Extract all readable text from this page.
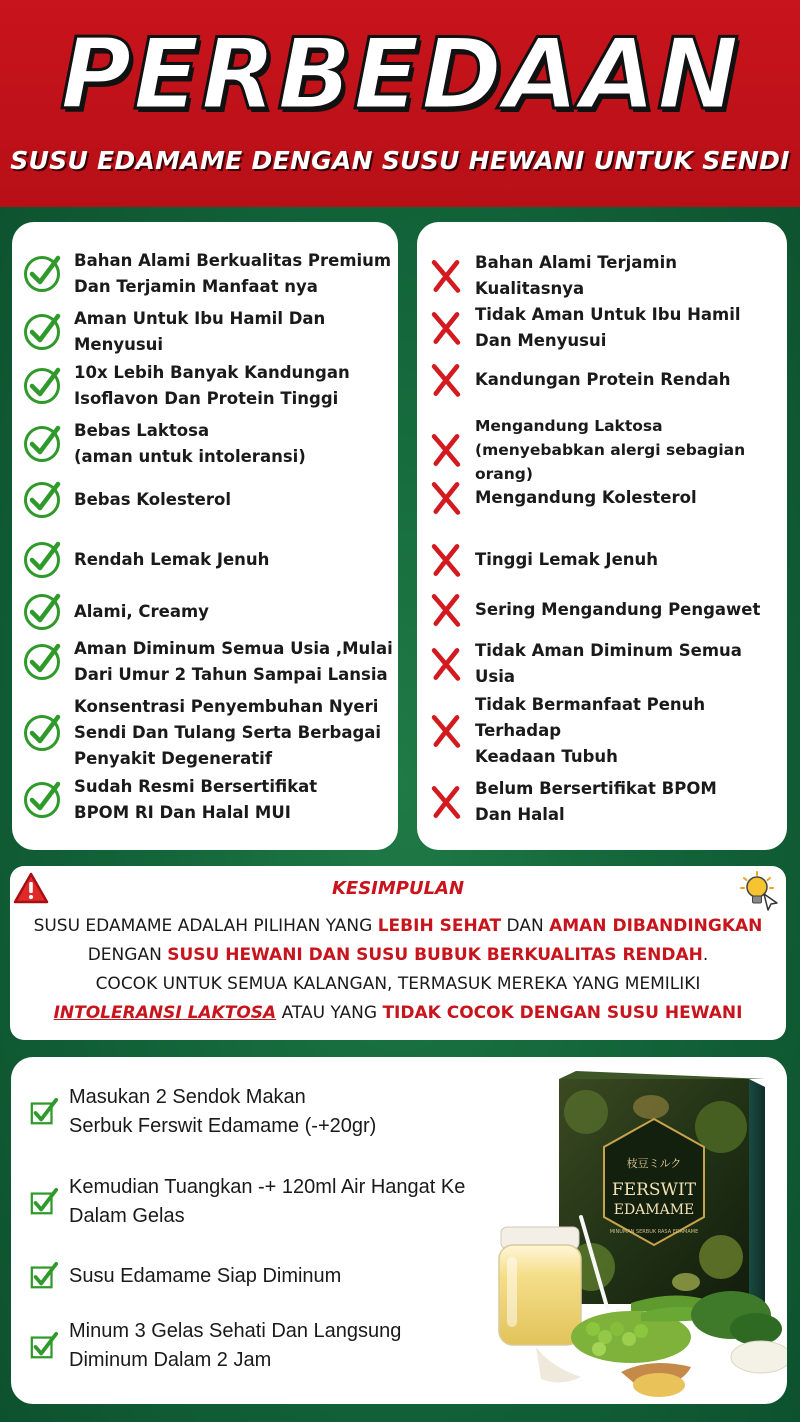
PERBEDAAN
SUSU EDAMAME DENGAN SUSU HEWANI UNTUK SENDI
Bahan Alami Berkualitas Premium
Dan Terjamin Manfaat nya
Aman Untuk Ibu Hamil Dan
Menyusui
10x Lebih Banyak Kandungan
Isoflavon Dan Protein Tinggi
Bebas Laktosa
(aman untuk intoleransi)
Bebas Kolesterol
Rendah Lemak Jenuh
Alami, Creamy
Aman Diminum Semua Usia ,Mulai
Dari Umur 2 Tahun Sampai Lansia
Konsentrasi Penyembuhan Nyeri
Sendi Dan Tulang Serta Berbagai
Penyakit Degeneratif
Sudah Resmi Bersertifikat
BPOM RI Dan Halal MUI
Bahan Alami Terjamin Kualitasnya
Tidak Aman Untuk Ibu Hamil
Dan Menyusui
Kandungan Protein Rendah
Mengandung Laktosa
(menyebabkan alergi sebagian orang)
Mengandung Kolesterol
Tinggi Lemak Jenuh
Sering Mengandung Pengawet
Tidak Aman Diminum Semua Usia
Tidak Bermanfaat Penuh Terhadap
Keadaan Tubuh
Belum Bersertifikat BPOM
Dan Halal
KESIMPULAN
SUSU EDAMAME ADALAH PILIHAN YANG LEBIH SEHAT DAN AMAN DIBANDINGKAN
DENGAN SUSU HEWANI DAN SUSU BUBUK BERKUALITAS RENDAH.
COCOK UNTUK SEMUA KALANGAN, TERMASUK MEREKA YANG MEMILIKI
INTOLERANSI LAKTOSA ATAU YANG TIDAK COCOK DENGAN SUSU HEWANI
Masukan 2 Sendok Makan
Serbuk Ferswit Edamame (-+20gr)
Kemudian Tuangkan -+ 120ml Air Hangat Ke
Dalam Gelas
Susu Edamame Siap Diminum
Minum 3 Gelas Sehati Dan Langsung
Diminum Dalam 2 Jam
枝豆ミルク
FERSWIT
EDAMAME
MINUMAN SERBUK RASA EDAMAME
